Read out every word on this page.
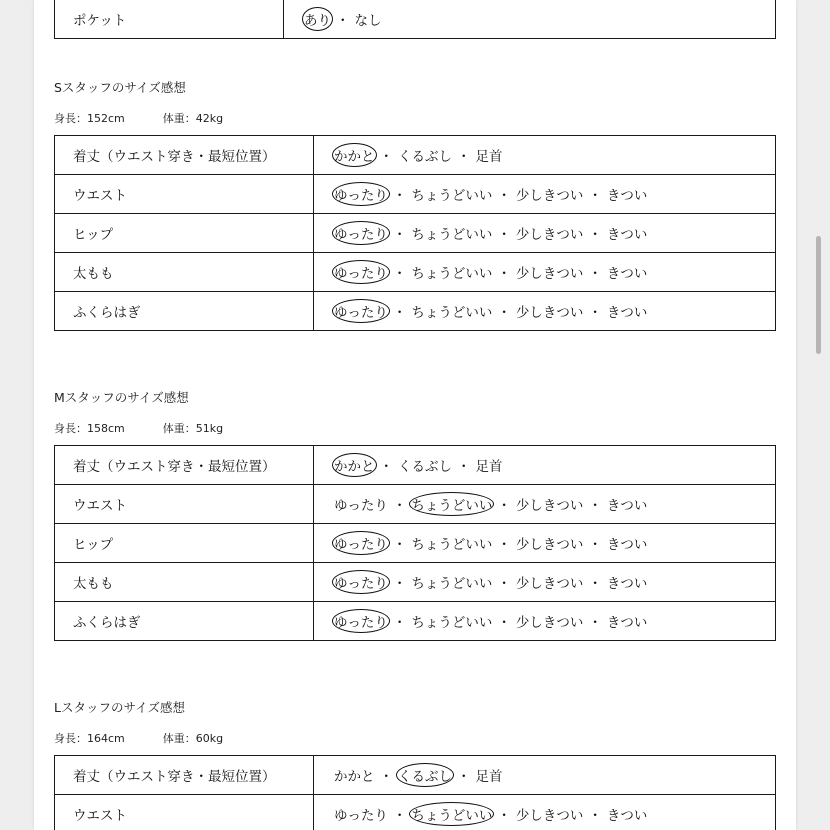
ポケット	あり ・ なし
Sスタッフのサイズ感想
身長：152cm	体重：42kg
着丈（ウエスト穿き・最短位置）	かかと ・ くるぶし ・ 足首
ウエスト	ゆったり ・ ちょうどいい ・ 少しきつい ・ きつい
ヒップ	ゆったり ・ ちょうどいい ・ 少しきつい ・ きつい
太もも	ゆったり ・ ちょうどいい ・ 少しきつい ・ きつい
ふくらはぎ	ゆったり ・ ちょうどいい ・ 少しきつい ・ きつい
Mスタッフのサイズ感想
身長：158cm	体重：51kg
着丈（ウエスト穿き・最短位置）	かかと ・ くるぶし ・ 足首
ウエスト	ゆったり ・ ちょうどいい ・ 少しきつい ・ きつい
ヒップ	ゆったり ・ ちょうどいい ・ 少しきつい ・ きつい
太もも	ゆったり ・ ちょうどいい ・ 少しきつい ・ きつい
ふくらはぎ	ゆったり ・ ちょうどいい ・ 少しきつい ・ きつい
Lスタッフのサイズ感想
身長：164cm	体重：60kg
着丈（ウエスト穿き・最短位置）	かかと ・ くるぶし ・ 足首
ウエスト	ゆったり ・ ちょうどいい ・ 少しきつい ・ きつい
